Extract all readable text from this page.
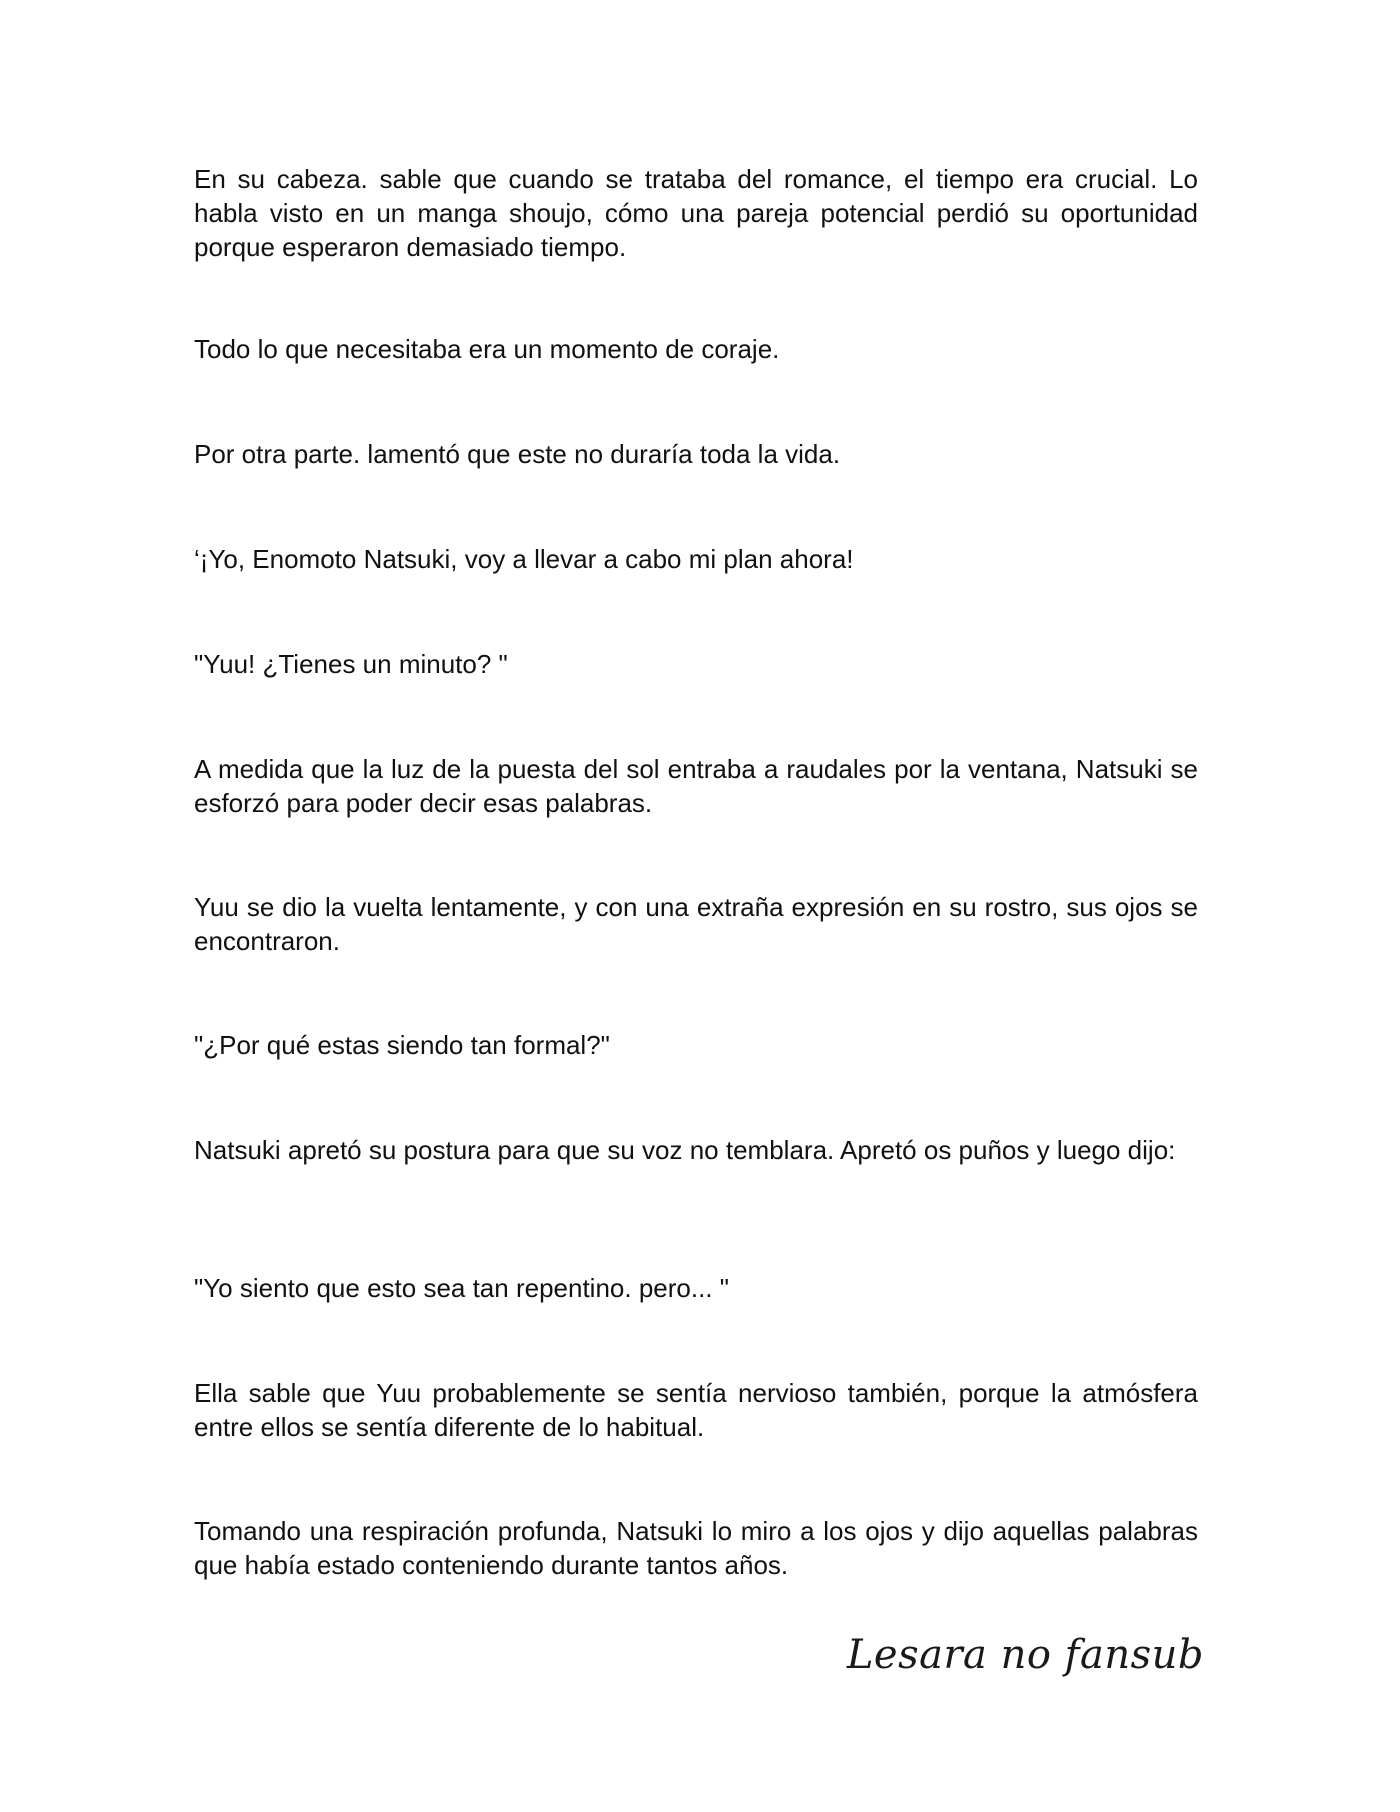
En su cabeza. sable que cuando se trataba del romance, el tiempo era crucial. Lo habla visto en un manga shoujo, cómo una pareja potencial perdió su oportunidad porque esperaron demasiado tiempo.

Todo lo que necesitaba era un momento de coraje.

Por otra parte. lamentó que este no duraría toda la vida.

‘¡Yo, Enomoto Natsuki, voy a llevar a cabo mi plan ahora!

"Yuu! ¿Tienes un minuto? "

A medida que la luz de la puesta del sol entraba a raudales por la ventana, Natsuki se esforzó para poder decir esas palabras.

Yuu se dio la vuelta lentamente, y con una extraña expresión en su rostro, sus ojos se encontraron.

"¿Por qué estas siendo tan formal?"

Natsuki apretó su postura para que su voz no temblara. Apretó os puños y luego dijo:

"Yo siento que esto sea tan repentino. pero... "

Ella sable que Yuu probablemente se sentía nervioso también, porque la atmósfera entre ellos se sentía diferente de lo habitual.

Tomando una respiración profunda, Natsuki lo miro a los ojos y dijo aquellas palabras que había estado conteniendo durante tantos años.

Lesara no fansub
